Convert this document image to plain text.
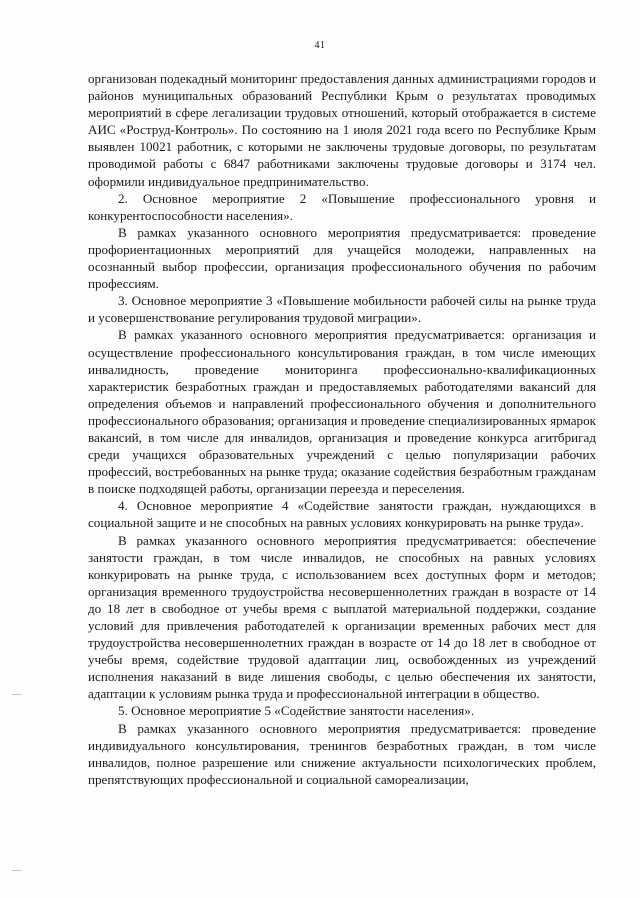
41

организован подекадный мониторинг предоставления данных администрациями городов и районов муниципальных образований Республики Крым о результатах проводимых мероприятий в сфере легализации трудовых отношений, который отображается в системе АИС «Роструд-Контроль». По состоянию на 1 июля 2021 года всего по Республике Крым выявлен 10021 работник, с которыми не заключены трудовые договоры, по результатам проводимой работы с 6847 работниками заключены трудовые договоры и 3174 чел. оформили индивидуальное предпринимательство.

2. Основное мероприятие 2 «Повышение профессионального уровня и конкурентоспособности населения».

В рамках указанного основного мероприятия предусматривается: проведение профориентационных мероприятий для учащейся молодежи, направленных на осознанный выбор профессии, организация профессионального обучения по рабочим профессиям.

3. Основное мероприятие 3 «Повышение мобильности рабочей силы на рынке труда и усовершенствование регулирования трудовой миграции».

В рамках указанного основного мероприятия предусматривается: организация и осуществление профессионального консультирования граждан, в том числе имеющих инвалидность, проведение мониторинга профессионально-квалификационных характеристик безработных граждан и предоставляемых работодателями вакансий для определения объемов и направлений профессионального обучения и дополнительного профессионального образования; организация и проведение специализированных ярмарок вакансий, в том числе для инвалидов, организация и проведение конкурса агитбригад среди учащихся образовательных учреждений с целью популяризации рабочих профессий, востребованных на рынке труда; оказание содействия безработным гражданам в поиске подходящей работы, организации переезда и переселения.

4. Основное мероприятие 4 «Содействие занятости граждан, нуждающихся в социальной защите и не способных на равных условиях конкурировать на рынке труда».

В рамках указанного основного мероприятия предусматривается: обеспечение занятости граждан, в том числе инвалидов, не способных на равных условиях конкурировать на рынке труда, с использованием всех доступных форм и методов; организация временного трудоустройства несовершеннолетних граждан в возрасте от 14 до 18 лет в свободное от учебы время с выплатой материальной поддержки, создание условий для привлечения работодателей к организации временных рабочих мест для трудоустройства несовершеннолетних граждан в возрасте от 14 до 18 лет в свободное от учебы время, содействие трудовой адаптации лиц, освобожденных из учреждений исполнения наказаний в виде лишения свободы, с целью обеспечения их занятости, адаптации к условиям рынка труда и профессиональной интеграции в общество.

5. Основное мероприятие 5 «Содействие занятости населения».

В рамках указанного основного мероприятия предусматривается: проведение индивидуального консультирования, тренингов безработных граждан, в том числе инвалидов, полное разрешение или снижение актуальности психологических проблем, препятствующих профессиональной и социальной самореализации,
